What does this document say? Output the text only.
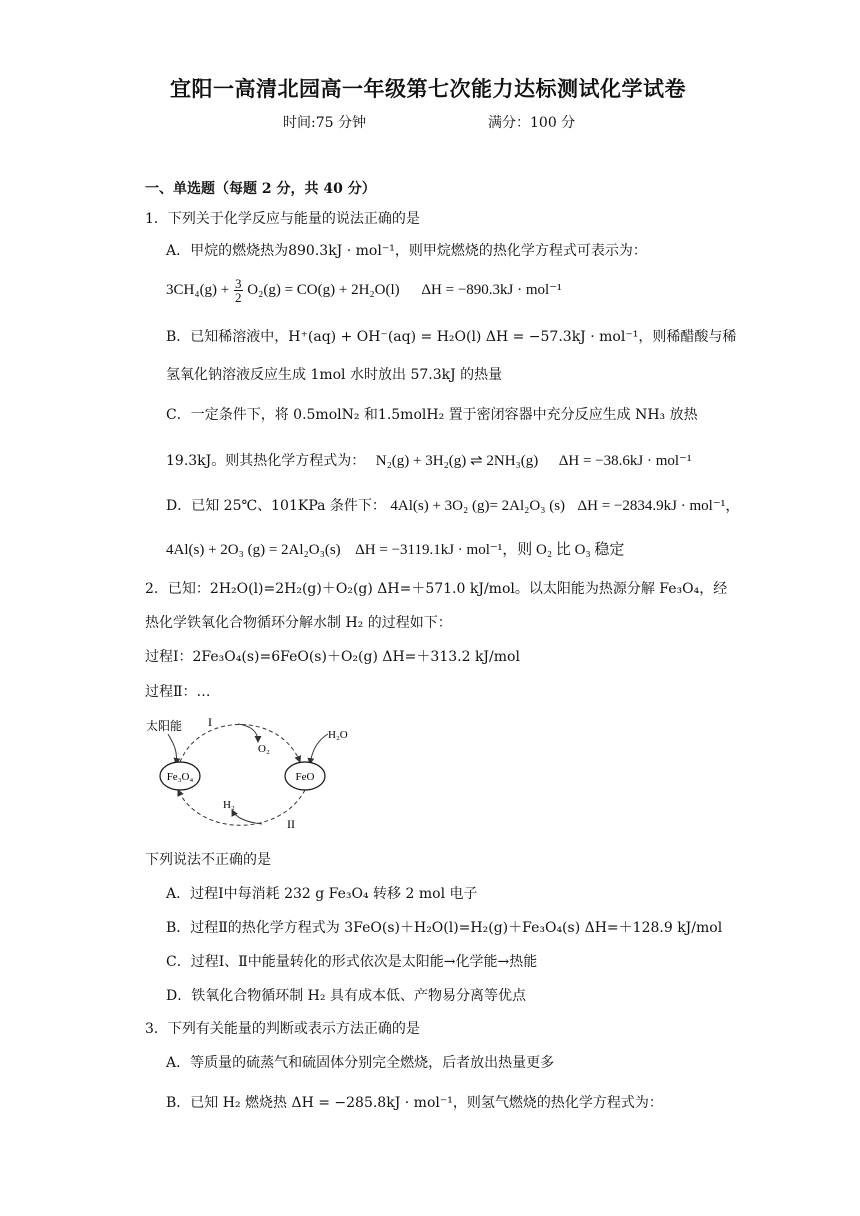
宜阳一高清北园高一年级第七次能力达标测试化学试卷
时间:75 分钟	满分：100 分
一、单选题（每题 2 分，共 40 分）
1．下列关于化学反应与能量的说法正确的是
A．甲烷的燃烧热为890.3kJ · mol⁻¹，则甲烷燃烧的热化学方程式可表示为：
$3CH_4(g) + \frac{3}{2} O_2(g) = CO(g) + 2H_2O(l) \Delta H = -890.3kJ \cdot mol^{-1}$
B．已知稀溶液中，H⁺(aq) + OH⁻(aq) = H₂O(l) ΔH = −57.3kJ · mol⁻¹，则稀醋酸与稀
氢氧化钠溶液反应生成 1mol 水时放出 57.3kJ 的热量
C．一定条件下，将 0.5molN₂ 和1.5molH₂ 置于密闭容器中充分反应生成 NH₃ 放热
19.3kJ。则其热化学方程式为： N₂(g) + 3H₂(g) ⇌ 2NH₃(g) ΔH = −38.6kJ · mol⁻¹
D．已知 25℃、101KPa 条件下： 4Al(s) + 3O₂ (g)= 2Al₂O₃ (s) ΔH = −2834.9kJ · mol⁻¹，
4Al(s) + 2O₃ (g) = 2Al₂O₃(s) ΔH = −3119.1kJ · mol⁻¹，则 O₂ 比 O₃ 稳定
2．已知：2H₂O(l)=2H₂(g)＋O₂(g) ΔH=＋571.0 kJ/mol。以太阳能为热源分解 Fe₃O₄，经
热化学铁氧化合物循环分解水制 H₂ 的过程如下：
过程Ⅰ：2Fe₃O₄(s)=6FeO(s)＋O₂(g) ΔH=＋313.2 kJ/mol
过程Ⅱ：…
太阳能 I
O₂
H₂O
Fe₃O₄	FeO
H₂
II
下列说法不正确的是
A．过程Ⅰ中每消耗 232 g Fe₃O₄ 转移 2 mol 电子
B．过程Ⅱ的热化学方程式为 3FeO(s)＋H₂O(l)=H₂(g)＋Fe₃O₄(s) ΔH=＋128.9 kJ/mol
C．过程Ⅰ、Ⅱ中能量转化的形式依次是太阳能→化学能→热能
D．铁氧化合物循环制 H₂ 具有成本低、产物易分离等优点
3．下列有关能量的判断或表示方法正确的是
A．等质量的硫蒸气和硫固体分别完全燃烧，后者放出热量更多
B．已知 H₂ 燃烧热 ΔH = −285.8kJ · mol⁻¹，则氢气燃烧的热化学方程式为：
